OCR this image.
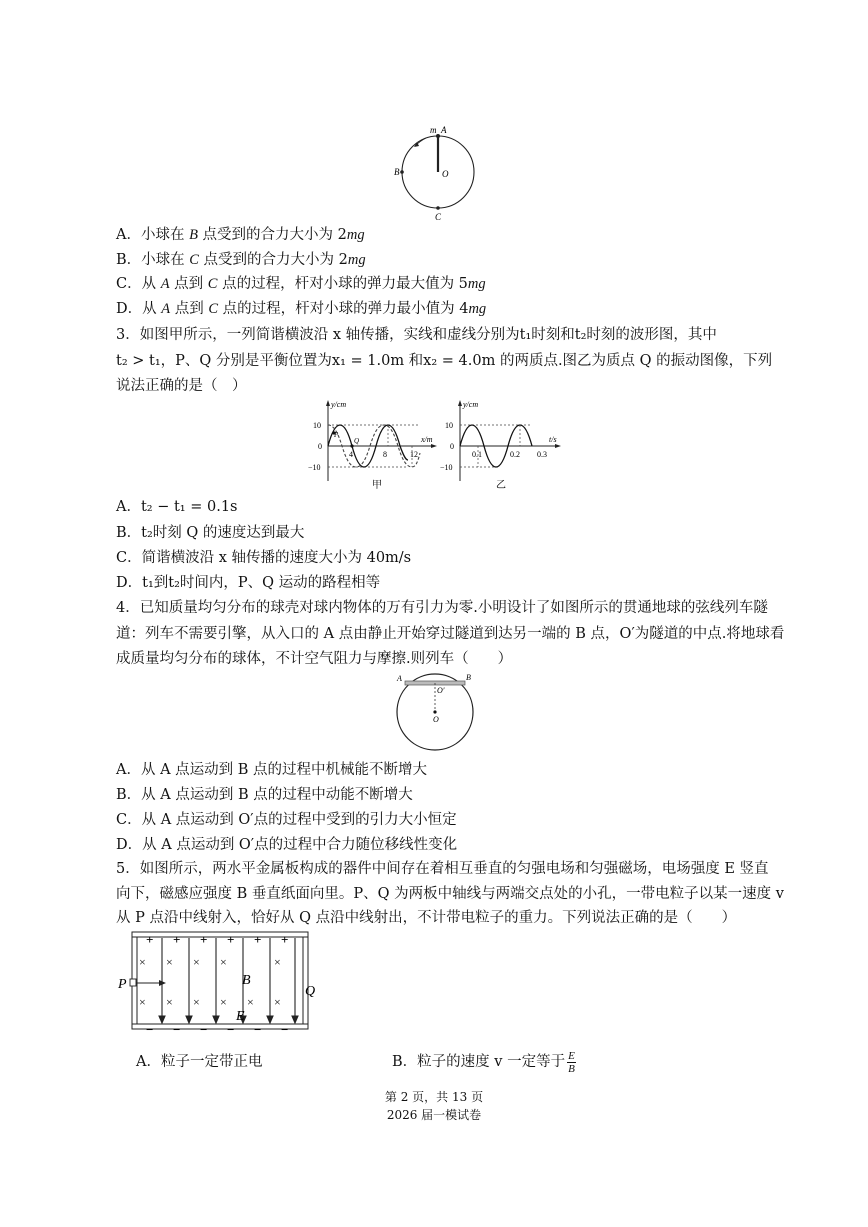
m A
O
B
C
A．小球在 B 点受到的合力大小为 2mg
B．小球在 C 点受到的合力大小为 2mg
C．从 A 点到 C 点的过程，杆对小球的弹力最大值为 5mg
D．从 A 点到 C 点的过程，杆对小球的弹力最小值为 4mg
3．如图甲所示，一列简谐横波沿 x 轴传播，实线和虚线分别为t₁时刻和t₂时刻的波形图，其中
t₂ > t₁，P、Q 分别是平衡位置为x₁ = 1.0m 和x₂ = 4.0m 的两质点.图乙为质点 Q 的振动图像，下列
说法正确的是（　）
y/cm
x/m
10
0
−10
4	8	12
P
Q
甲
y/cm
t/s
10
0
−10
0.1	0.2 0.3
乙
A．t₂ − t₁ = 0.1s
B．t₂时刻 Q 的速度达到最大
C．简谐横波沿 x 轴传播的速度大小为 40m/s
D．t₁到t₂时间内，P、Q 运动的路程相等
4．已知质量均匀分布的球壳对球内物体的万有引力为零.小明设计了如图所示的贯通地球的弦线列车隧
道：列车不需要引擎，从入口的 A 点由静止开始穿过隧道到达另一端的 B 点，O′为隧道的中点.将地球看
成质量均匀分布的球体，不计空气阻力与摩擦.则列车（　　）
A	B
O′
O
A．从 A 点运动到 B 点的过程中机械能不断增大
B．从 A 点运动到 B 点的过程中动能不断增大
C．从 A 点运动到 O′点的过程中受到的引力大小恒定
D．从 A 点运动到 O′点的过程中合力随位移线性变化
5．如图所示，两水平金属板构成的器件中间存在着相互垂直的匀强电场和匀强磁场，电场强度 E 竖直
向下，磁感应强度 B 垂直纸面向里。P、Q 为两板中轴线与两端交点处的小孔，一带电粒子以某一速度 v
从 P 点沿中线射入，恰好从 Q 点沿中线射出，不计带电粒子的重力。下列说法正确的是（　　）
+ + + + + +
− − − − − −
× × × ×	×
× × × × × ×
P	Q
B
E
A．粒子一定带正电	B．粒子的速度 v 一定等于 $\frac{E}{B}$
第 2 页，共 13 页
2026 届一模试卷
